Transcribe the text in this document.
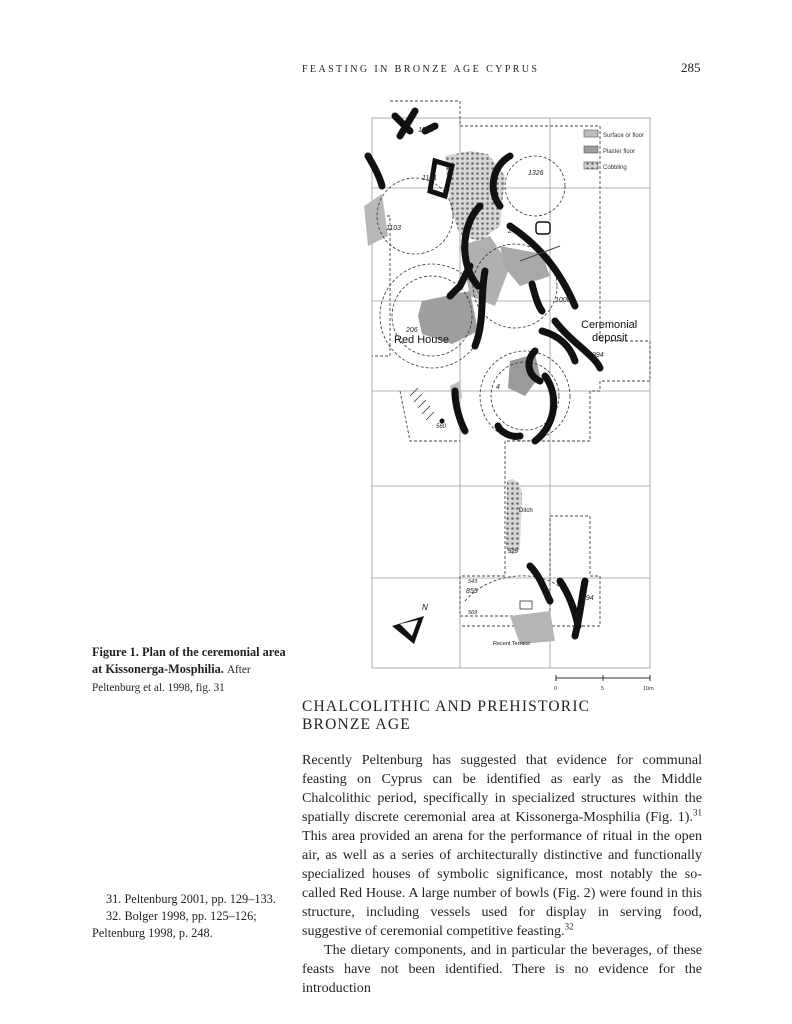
FEASTING IN BRONZE AGE CYPRUS	285
Surface or floor
Plaster floor
Cobbling
1295
1161
1326
1103	2
1000
206
994
4
560
525
543
855
494
569
Ceremonial
deposit
Red House
Ditch
Recent Terrace
N
0	5	10m
Figure 1. Plan of the ceremonial area at Kissonerga-Mosphilia. After Peltenburg et al. 1998, fig. 31
CHALCOLITHIC AND PREHISTORIC
BRONZE AGE

Recently Peltenburg has suggested that evidence for communal feasting on Cyprus can be identified as early as the Middle Chalcolithic period, specifically in specialized structures within the spatially discrete ceremonial area at Kissonerga-Mosphilia (Fig. 1).$^{31}$ This area provided an arena for the performance of ritual in the open air, as well as a series of architecturally distinctive and functionally specialized houses of symbolic significance, most notably the so-called Red House. A large number of bowls (Fig. 2) were found in this structure, including vessels used for display in serving food, suggestive of ceremonial competitive feasting.$^{32}$

The dietary components, and in particular the beverages, of these feasts have not been identified. There is no evidence for the introduction

31. Peltenburg 2001, pp. 129–133.

32. Bolger 1998, pp. 125–126;

Peltenburg 1998, p. 248.
